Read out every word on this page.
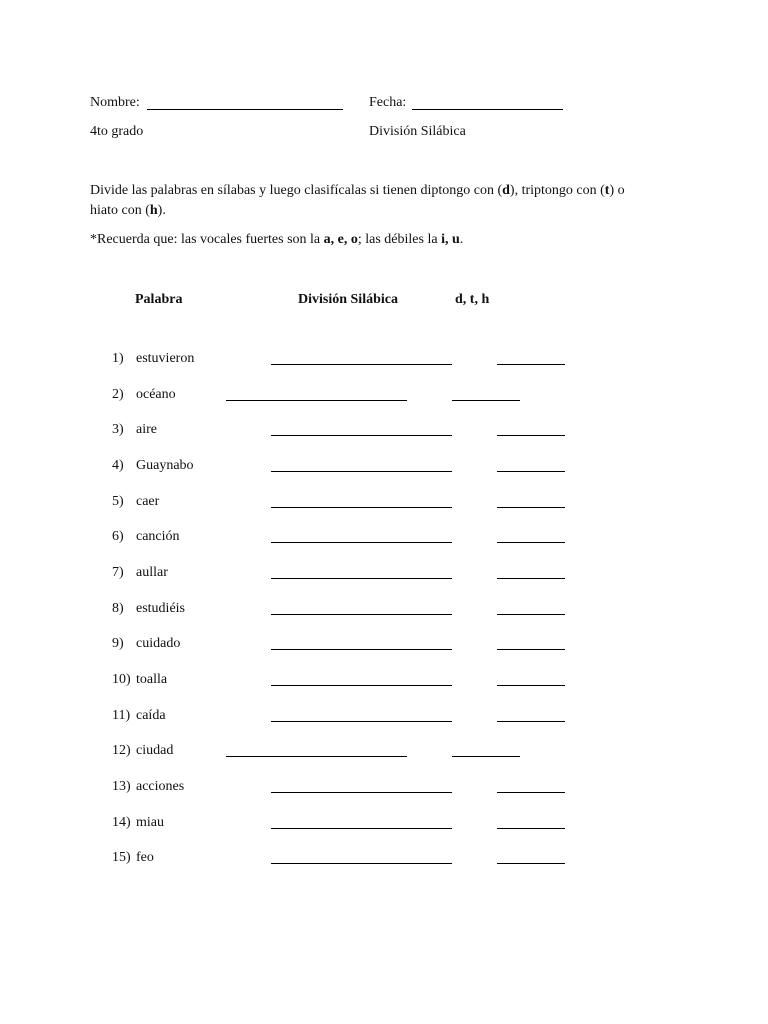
Nombre:	Fecha:
4to grado	División Silábica
Divide las palabras en sílabas y luego clasifícalas si tienen diptongo con (d), triptongo con (t) o
hiato con (h).
*Recuerda que: las vocales fuertes son la a, e, o; las débiles la i, u.
Palabra	División Silábica	d, t, h
1) estuvieron
2) océano
3) aire
4) Guaynabo
5) caer
6) canción
7) aullar
8) estudiéis
9) cuidado
10) toalla
11) caída
12) ciudad
13) acciones
14) miau
15) feo
